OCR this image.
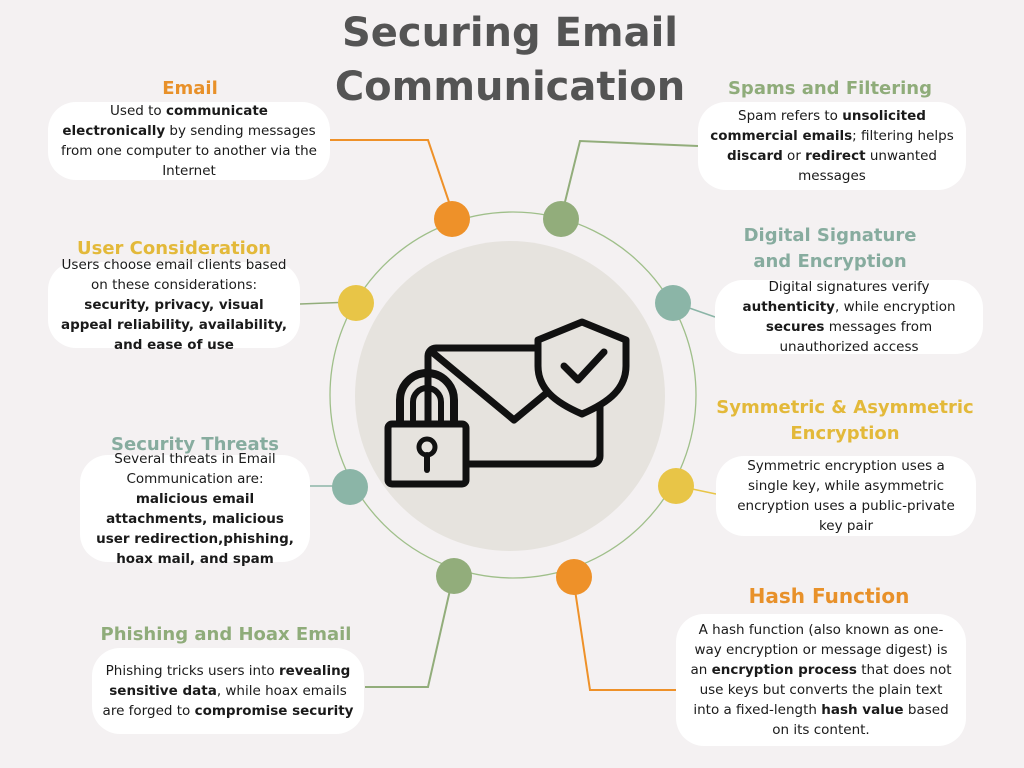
Securing Email
Communication
Email
Used to communicate electronically by sending messages from one computer to another via the Internet
User Consideration
Users choose email clients based on these considerations: security, privacy, visual appeal reliability, availability, and ease of use
Security Threats
Several threats in Email Communication are: malicious email attachments, malicious user redirection,phishing, hoax mail, and spam
Phishing and Hoax Email
Phishing tricks users into revealing sensitive data, while hoax emails are forged to compromise security
Spams and Filtering
Spam refers to unsolicited commercial emails; filtering helps discard or redirect unwanted messages
Digital Signature
and Encryption
Digital signatures verify authenticity, while encryption secures messages from unauthorized access
Symmetric & Asymmetric
Encryption
Symmetric encryption uses a single key, while asymmetric encryption uses a public-private key pair
Hash Function
A hash function (also known as one-way encryption or message digest) is an encryption process that does not use keys but converts the plain text into a fixed-length hash value based on its content.
